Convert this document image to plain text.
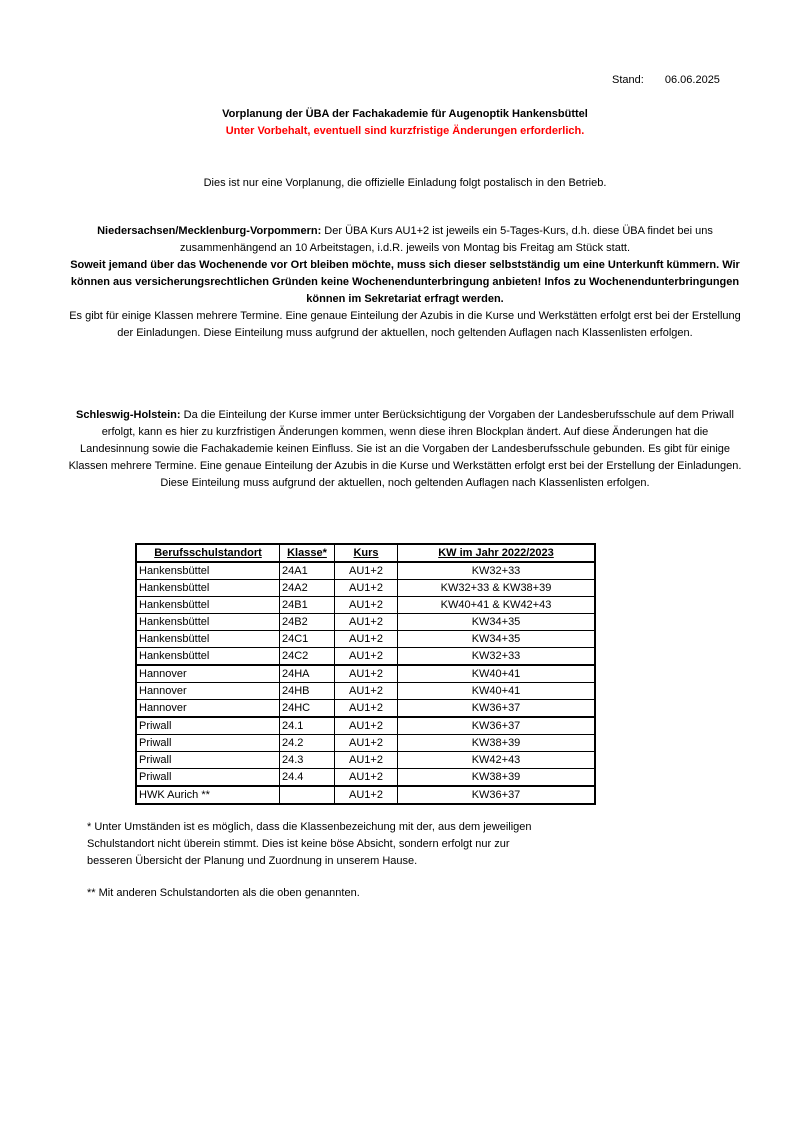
Stand: 06.06.2025
Vorplanung der ÜBA der Fachakademie für Augenoptik Hankensbüttel
Unter Vorbehalt, eventuell sind kurzfristige Änderungen erforderlich.
Dies ist nur eine Vorplanung, die offizielle Einladung folgt postalisch in den Betrieb.
Niedersachsen/Mecklenburg-Vorpommern: Der ÜBA Kurs AU1+2 ist jeweils ein 5-Tages-Kurs, d.h. diese ÜBA findet bei uns zusammenhängend an 10 Arbeitstagen, i.d.R. jeweils von Montag bis Freitag am Stück statt.
Soweit jemand über das Wochenende vor Ort bleiben möchte, muss sich dieser selbstständig um eine Unterkunft kümmern. Wir können aus versicherungsrechtlichen Gründen keine Wochenendunterbringung anbieten! Infos zu Wochenendunterbringungen können im Sekretariat erfragt werden.
Es gibt für einige Klassen mehrere Termine. Eine genaue Einteilung der Azubis in die Kurse und Werkstätten erfolgt erst bei der Erstellung der Einladungen. Diese Einteilung muss aufgrund der aktuellen, noch geltenden Auflagen nach Klassenlisten erfolgen.
Schleswig-Holstein: Da die Einteilung der Kurse immer unter Berücksichtigung der Vorgaben der Landesberufsschule auf dem Priwall erfolgt, kann es hier zu kurzfristigen Änderungen kommen, wenn diese ihren Blockplan ändert. Auf diese Änderungen hat die Landesinnung sowie die Fachakademie keinen Einfluss. Sie ist an die Vorgaben der Landesberufsschule gebunden. Es gibt für einige Klassen mehrere Termine. Eine genaue Einteilung der Azubis in die Kurse und Werkstätten erfolgt erst bei der Erstellung der Einladungen. Diese Einteilung muss aufgrund der aktuellen, noch geltenden Auflagen nach Klassenlisten erfolgen.
Berufsschulstandort	Klasse*	Kurs	KW im Jahr 2022/2023
Hankensbüttel	24A1	AU1+2	KW32+33
Hankensbüttel	24A2	AU1+2	KW32+33 & KW38+39
Hankensbüttel	24B1	AU1+2	KW40+41 & KW42+43
Hankensbüttel	24B2	AU1+2	KW34+35
Hankensbüttel	24C1	AU1+2	KW34+35
Hankensbüttel	24C2	AU1+2	KW32+33
Hannover	24HA	AU1+2	KW40+41
Hannover	24HB	AU1+2	KW40+41
Hannover	24HC	AU1+2	KW36+37
Priwall	24.1	AU1+2	KW36+37
Priwall	24.2	AU1+2	KW38+39
Priwall	24.3	AU1+2	KW42+43
Priwall	24.4	AU1+2	KW38+39
HWK Aurich **		AU1+2	KW36+37
* Unter Umständen ist es möglich, dass die Klassenbezeichung mit der, aus dem jeweiligen
Schulstandort nicht überein stimmt. Dies ist keine böse Absicht, sondern erfolgt nur zur
besseren Übersicht der Planung und Zuordnung in unserem Hause.
** Mit anderen Schulstandorten als die oben genannten.
